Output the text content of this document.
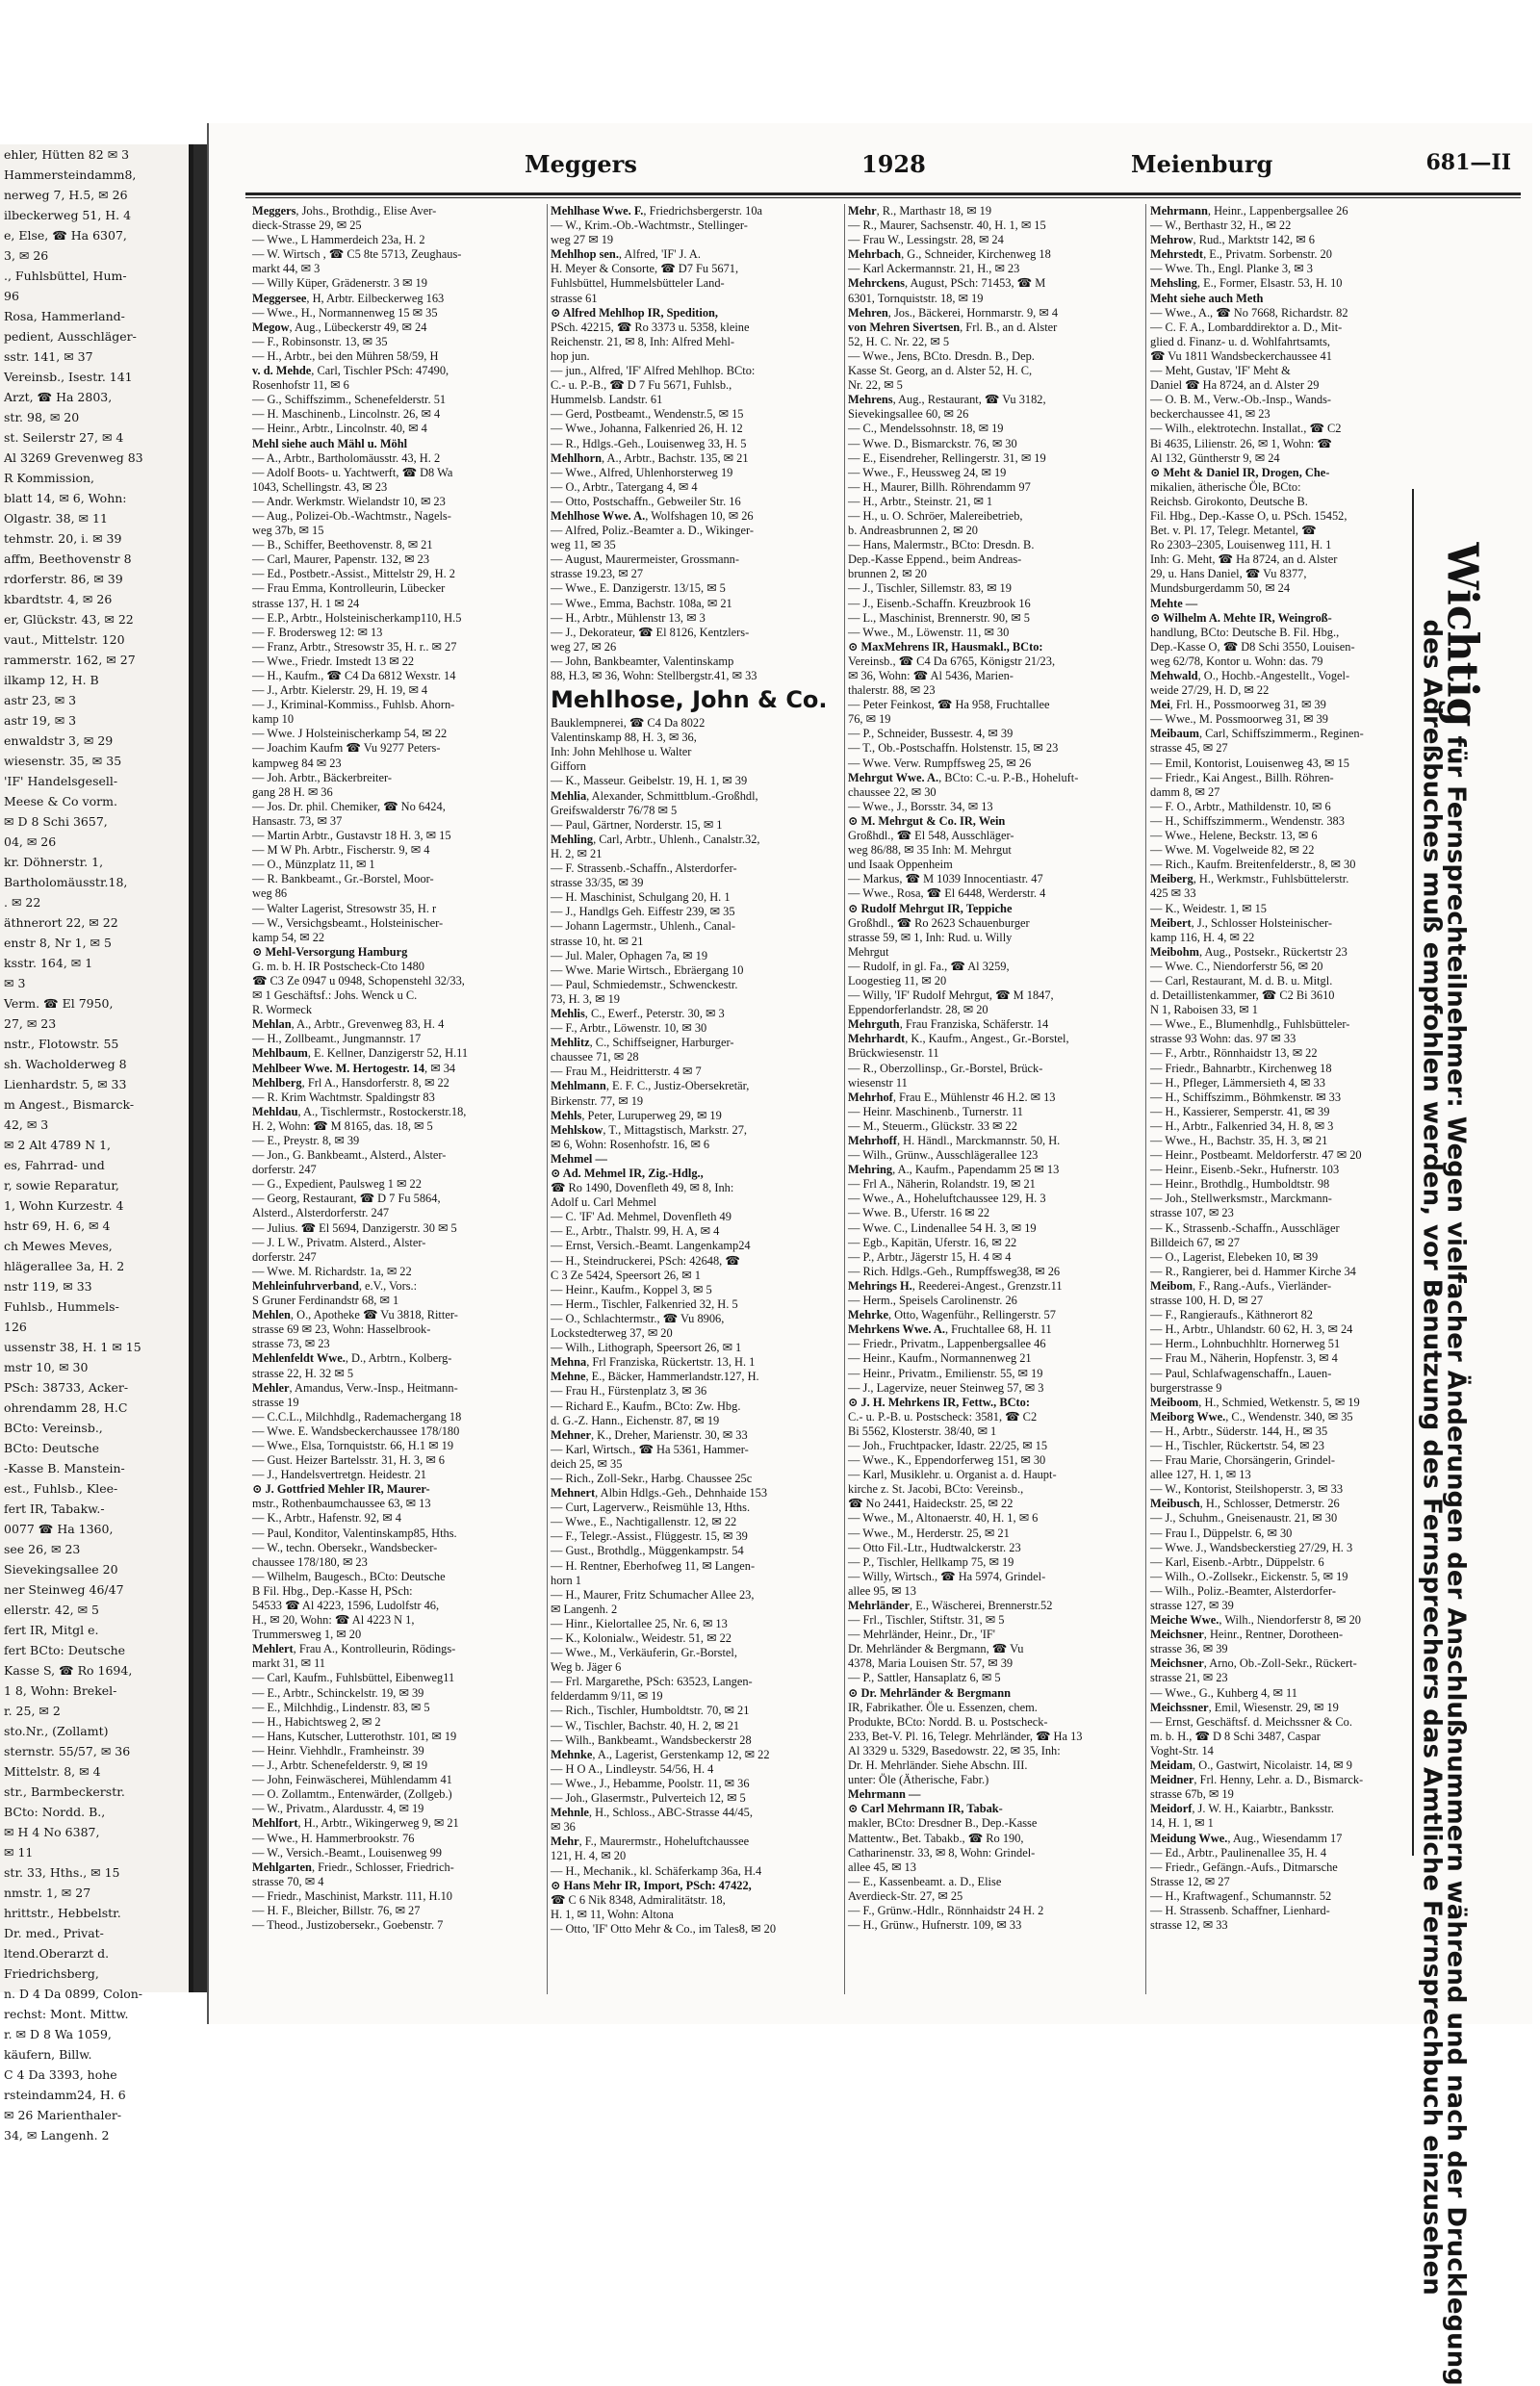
ehler, Hütten 82 ✉ 3
Hammersteindamm8,
nerweg 7, H.5, ✉ 26
ilbeckerweg 51, H. 4
e, Else, ☎ Ha 6307,
3, ✉ 26
., Fuhlsbüttel, Hum-
96
Rosa, Hammerland-
pedient, Ausschläger-
sstr. 141, ✉ 37
Vereinsb., Isestr. 141
Arzt, ☎ Ha 2803,
str. 98, ✉ 20
st. Seilerstr 27, ✉ 4
Al 3269 Grevenweg 83
R Kommission,
blatt 14, ✉ 6, Wohn:
Olgastr. 38, ✉ 11
tehmstr. 20, i. ✉ 39
affm, Beethovenstr 8
rdorferstr. 86, ✉ 39
kbardtstr. 4, ✉ 26
er, Glückstr. 43, ✉ 22
vaut., Mittelstr. 120
rammerstr. 162, ✉ 27
ilkamp 12, H. B
astr 23, ✉ 3
astr 19, ✉ 3
enwaldstr 3, ✉ 29
wiesenstr. 35, ✉ 35
'IF' Handelsgesell-
Meese & Co vorm.
✉ D 8 Schi 3657,
04, ✉ 26
kr. Döhnerstr. 1,
Bartholomäusstr.18,
. ✉ 22
äthnerort 22, ✉ 22
enstr 8, Nr 1, ✉ 5
ksstr. 164, ✉ 1
✉ 3
Verm. ☎ El 7950,
27, ✉ 23
nstr., Flotowstr. 55
sh. Wacholderweg 8
Lienhardstr. 5, ✉ 33
m Angest., Bismarck-
42, ✉ 3
✉ 2 Alt 4789 N 1,
es, Fahrrad- und
r, sowie Reparatur,
1, Wohn Kurzestr. 4
hstr 69, H. 6, ✉ 4
ch Mewes Meves,
hlägerallee 3a, H. 2
nstr 119, ✉ 33
Fuhlsb., Hummels-
126
ussenstr 38, H. 1 ✉ 15
mstr 10, ✉ 30
PSch: 38733, Acker-
ohrendamm 28, H.C
BCto: Vereinsb.,
BCto: Deutsche
-Kasse B. Manstein-
est., Fuhlsb., Klee-
fert IR, Tabakw.-
0077 ☎ Ha 1360,
see 26, ✉ 23
Sievekingsallee 20
ner Steinweg 46/47
ellerstr. 42, ✉ 5
fert IR, Mitgl e.
fert BCto: Deutsche
Kasse S, ☎ Ro 1694,
1 8, Wohn: Brekel-
r. 25, ✉ 2
sto.Nr., (Zollamt)
sternstr. 55/57, ✉ 36
Mittelstr. 8, ✉ 4
str., Barmbeckerstr.
BCto: Nordd. B.,
✉ H 4 No 6387,
✉ 11
str. 33, Hths., ✉ 15
nmstr. 1, ✉ 27
hrittstr., Hebbelstr.
Dr. med., Privat-
ltend.Oberarzt d.
Friedrichsberg,
n. D 4 Da 0899, Colon-
rechst: Mont. Mittw.
r. ✉ D 8 Wa 1059,
käufern, Billw.
C 4 Da 3393, hohe
rsteindamm24, H. 6
✉ 26 Marienthaler-
34, ✉ Langenh. 2
Meggers	1928	Meienburg	681—II
Meggers, Johs., Brothdig., Elise Aver-
dieck-Strasse 29, ✉ 25
— Wwe., L Hammerdeich 23a, H. 2
— W. Wirtsch , ☎ C5 8te 5713, Zeughaus-
markt 44, ✉ 3
— Willy Küper, Grädenerstr. 3 ✉ 19
Meggersee, H, Arbtr. Eilbeckerweg 163
— Wwe., H., Normannenweg 15 ✉ 35
Megow, Aug., Lübeckerstr 49, ✉ 24
— F., Robinsonstr. 13, ✉ 35
— H., Arbtr., bei den Mühren 58/59, H
v. d. Mehde, Carl, Tischler PSch: 47490,
Rosenhofstr 11, ✉ 6
— G., Schiffszimm., Schenefelderstr. 51
— H. Maschinenb., Lincolnstr. 26, ✉ 4
— Heinr., Arbtr., Lincolnstr. 40, ✉ 4
Mehl siehe auch Mähl u. Möhl
— A., Arbtr., Bartholomäusstr. 43, H. 2
— Adolf Boots- u. Yachtwerft, ☎ D8 Wa
1043, Schellingstr. 43, ✉ 23
— Andr. Werkmstr. Wielandstr 10, ✉ 23
— Aug., Polizei-Ob.-Wachtmstr., Nagels-
weg 37b, ✉ 15
— B., Schiffer, Beethovenstr. 8, ✉ 21
— Carl, Maurer, Papenstr. 132, ✉ 23
— Ed., Postbetr.-Assist., Mittelstr 29, H. 2
— Frau Emma, Kontrolleurin, Lübecker
strasse 137, H. 1 ✉ 24
— E.P., Arbtr., Holsteinischerkamp110, H.5
— F. Brodersweg 12: ✉ 13
— Franz, Arbtr., Stresowstr 35, H. r.. ✉ 27
— Wwe., Friedr. Imstedt 13 ✉ 22
— H., Kaufm., ☎ C4 Da 6812 Wexstr. 14
— J., Arbtr. Kielerstr. 29, H. 19, ✉ 4
— J., Kriminal-Kommiss., Fuhlsb. Ahorn-
kamp 10
— Wwe. J Holsteinischerkamp 54, ✉ 22
— Joachim Kaufm ☎ Vu 9277 Peters-
kampweg 84 ✉ 23
— Joh. Arbtr., Bäckerbreiter-
gang 28 H. ✉ 36
— Jos. Dr. phil. Chemiker, ☎ No 6424,
Hansastr. 73, ✉ 37
— Martin Arbtr., Gustavstr 18 H. 3, ✉ 15
— M W Ph. Arbtr., Fischerstr. 9, ✉ 4
— O., Münzplatz 11, ✉ 1
— R. Bankbeamt., Gr.-Borstel, Moor-
weg 86
— Walter Lagerist, Stresowstr 35, H. r
— W., Versichgsbeamt., Holsteinischer-
kamp 54, ✉ 22
⊙ Mehl-Versorgung Hamburg
G. m. b. H. IR Postscheck-Cto 1480
☎ C3 Ze 0947 u 0948, Schopenstehl 32/33,
✉ 1 Geschäftsf.: Johs. Wenck u C.
R. Wormeck
Mehlan, A., Arbtr., Grevenweg 83, H. 4
— H., Zollbeamt., Jungmannstr. 17
Mehlbaum, E. Kellner, Danzigerstr 52, H.11
Mehlbeer Wwe. M. Hertogestr. 14, ✉ 34
Mehlberg, Frl A., Hansdorferstr. 8, ✉ 22
— R. Krim Wachtmstr. Spaldingstr 83
Mehldau, A., Tischlermstr., Rostockerstr.18,
H. 2, Wohn: ☎ M 8165, das. 18, ✉ 5
— E., Preystr. 8, ✉ 39
— Jon., G. Bankbeamt., Alsterd., Alster-
dorferstr. 247
— G., Expedient, Paulsweg 1 ✉ 22
— Georg, Restaurant, ☎ D 7 Fu 5864,
Alsterd., Alsterdorferstr. 247
— Julius. ☎ El 5694, Danzigerstr. 30 ✉ 5
— J. L W., Privatm. Alsterd., Alster-
dorferstr. 247
— Wwe. M. Richardstr. 1a, ✉ 22
Mehleinfuhrverband, e.V., Vors.:
S Gruner Ferdinandstr 68, ✉ 1
Mehlen, O., Apotheke ☎ Vu 3818, Ritter-
strasse 69 ✉ 23, Wohn: Hasselbrook-
strasse 73, ✉ 23
Mehlenfeldt Wwe., D., Arbtrn., Kolberg-
strasse 22, H. 32 ✉ 5
Mehler, Amandus, Verw.-Insp., Heitmann-
strasse 19
— C.C.L., Milchhdlg., Rademachergang 18
— Wwe. E. Wandsbeckerchaussee 178/180
— Wwe., Elsa, Tornquiststr. 66, H.1 ✉ 19
— Gust. Heizer Bartelsstr. 31, H. 3, ✉ 6
— J., Handelsvertretgn. Heidestr. 21
⊙ J. Gottfried Mehler IR, Maurer-
mstr., Rothenbaumchaussee 63, ✉ 13
— K., Arbtr., Hafenstr. 92, ✉ 4
— Paul, Konditor, Valentinskamp85, Hths.
— W., techn. Obersekr., Wandsbecker-
chaussee 178/180, ✉ 23
— Wilhelm, Baugesch., BCto: Deutsche
B Fil. Hbg., Dep.-Kasse H, PSch:
54533 ☎ Al 4223, 1596, Ludolfstr 46,
H., ✉ 20, Wohn: ☎ Al 4223 N 1,
Trummersweg 1, ✉ 20
Mehlert, Frau A., Kontrolleurin, Rödings-
markt 31, ✉ 11
— Carl, Kaufm., Fuhlsbüttel, Eibenweg11
— E., Arbtr., Schinckelstr. 19, ✉ 39
— E., Milchhdig., Lindenstr. 83, ✉ 5
— H., Habichtsweg 2, ✉ 2
— Hans, Kutscher, Lutterothstr. 101, ✉ 19
— Heinr. Viehhdlr., Framheinstr. 39
— J., Arbtr. Schenefelderstr. 9, ✉ 19
— John, Feinwäscherei, Mühlendamm 41
— O. Zollamtm., Entenwärder, (Zollgeb.)
— W., Privatm., Alardusstr. 4, ✉ 19
Mehlfort, H., Arbtr., Wikingerweg 9, ✉ 21
— Wwe., H. Hammerbrookstr. 76
— W., Versich.-Beamt., Louisenweg 99
Mehlgarten, Friedr., Schlosser, Friedrich-
strasse 70, ✉ 4
— Friedr., Maschinist, Markstr. 111, H.10
— H. F., Bleicher, Billstr. 76, ✉ 27
— Theod., Justizobersekr., Goebenstr. 7
Mehlhase Wwe. F., Friedrichsbergerstr. 10a
— W., Krim.-Ob.-Wachtmstr., Stellinger-
weg 27 ✉ 19
Mehlhop sen., Alfred, 'IF' J. A.
H. Meyer & Consorte, ☎ D7 Fu 5671,
Fuhlsbüttel, Hummelsbütteler Land-
strasse 61
⊙ Alfred Mehlhop IR, Spedition,
PSch. 42215, ☎ Ro 3373 u. 5358, kleine
Reichenstr. 21, ✉ 8, Inh: Alfred Mehl-
hop jun.
— jun., Alfred, 'IF' Alfred Mehlhop. BCto:
C.- u. P.-B., ☎ D 7 Fu 5671, Fuhlsb.,
Hummelsb. Landstr. 61
— Gerd, Postbeamt., Wendenstr.5, ✉ 15
— Wwe., Johanna, Falkenried 26, H. 12
— R., Hdlgs.-Geh., Louisenweg 33, H. 5
Mehlhorn, A., Arbtr., Bachstr. 135, ✉ 21
— Wwe., Alfred, Uhlenhorsterweg 19
— O., Arbtr., Tatergang 4, ✉ 4
— Otto, Postschaffn., Gebweiler Str. 16
Mehlhose Wwe. A., Wolfshagen 10, ✉ 26
— Alfred, Poliz.-Beamter a. D., Wikinger-
weg 11, ✉ 35
— August, Maurermeister, Grossmann-
strasse 19.23, ✉ 27
— Wwe., E. Danzigerstr. 13/15, ✉ 5
— Wwe., Emma, Bachstr. 108a, ✉ 21
— H., Arbtr., Mühlenstr 13, ✉ 3
— J., Dekorateur, ☎ El 8126, Kentzlers-
weg 27, ✉ 26
— John, Bankbeamter, Valentinskamp
88, H.3, ✉ 36, Wohn: Stellbergstr.41, ✉ 33
Mehlhose, John & Co.
Bauklempnerei, ☎ C4 Da 8022
Valentinskamp 88, H. 3, ✉ 36,
Inh: John Mehlhose u. Walter
Gifforn
— K., Masseur. Geibelstr. 19, H. 1, ✉ 39
Mehlia, Alexander, Schmittblum.-Großhdl,
Greifswalderstr 76/78 ✉ 5
— Paul, Gärtner, Norderstr. 15, ✉ 1
Mehling, Carl, Arbtr., Uhlenh., Canalstr.32,
H. 2, ✉ 21
— F. Strassenb.-Schaffn., Alsterdorfer-
strasse 33/35, ✉ 39
— H. Maschinist, Schulgang 20, H. 1
— J., Handlgs Geh. Eiffestr 239, ✉ 35
— Johann Lagermstr., Uhlenh., Canal-
strasse 10, ht. ✉ 21
— Jul. Maler, Ophagen 7a, ✉ 19
— Wwe. Marie Wirtsch., Ebräergang 10
— Paul, Schmiedemstr., Schwenckestr.
73, H. 3, ✉ 19
Mehlis, C., Ewerf., Peterstr. 30, ✉ 3
— F., Arbtr., Löwenstr. 10, ✉ 30
Mehlitz, C., Schiffseigner, Harburger-
chaussee 71, ✉ 28
— Frau M., Heidritterstr. 4 ✉ 7
Mehlmann, E. F. C., Justiz-Obersekretär,
Birkenstr. 77, ✉ 19
Mehls, Peter, Luruperweg 29, ✉ 19
Mehlskow, T., Mittagstisch, Markstr. 27,
✉ 6, Wohn: Rosenhofstr. 16, ✉ 6
Mehmel —
⊙ Ad. Mehmel IR, Zig.-Hdlg.,
☎ Ro 1490, Dovenfleth 49, ✉ 8, Inh:
Adolf u. Carl Mehmel
— C. 'IF' Ad. Mehmel, Dovenfleth 49
— E., Arbtr., Thalstr. 99, H. A, ✉ 4
— Ernst, Versich.-Beamt. Langenkamp24
— H., Steindruckerei, PSch: 42648, ☎
C 3 Ze 5424, Speersort 26, ✉ 1
— Heinr., Kaufm., Koppel 3, ✉ 5
— Herm., Tischler, Falkenried 32, H. 5
— O., Schlachtermstr., ☎ Vu 8906,
Lockstedterweg 37, ✉ 20
— Wilh., Lithograph, Speersort 26, ✉ 1
Mehna, Frl Franziska, Rückertstr. 13, H. 1
Mehne, E., Bäcker, Hammerlandstr.127, H.
— Frau H., Fürstenplatz 3, ✉ 36
— Richard E., Kaufm., BCto: Zw. Hbg.
d. G.-Z. Hann., Eichenstr. 87, ✉ 19
Mehner, K., Dreher, Marienstr. 30, ✉ 33
— Karl, Wirtsch., ☎ Ha 5361, Hammer-
deich 25, ✉ 35
— Rich., Zoll-Sekr., Harbg. Chaussee 25c
Mehnert, Albin Hdlgs.-Geh., Dehnhaide 153
— Curt, Lagerverw., Reismühle 13, Hths.
— Wwe., E., Nachtigallenstr. 12, ✉ 22
— F., Telegr.-Assist., Flüggestr. 15, ✉ 39
— Gust., Brothdlg., Müggenkampstr. 54
— H. Rentner, Eberhofweg 11, ✉ Langen-
horn 1
— H., Maurer, Fritz Schumacher Allee 23,
✉ Langenh. 2
— Hinr., Kielortallee 25, Nr. 6, ✉ 13
— K., Kolonialw., Weidestr. 51, ✉ 22
— Wwe., M., Verkäuferin, Gr.-Borstel,
Weg b. Jäger 6
— Frl. Margarethe, PSch: 63523, Langen-
felderdamm 9/11, ✉ 19
— Rich., Tischler, Humboldtstr. 70, ✉ 21
— W., Tischler, Bachstr. 40, H. 2, ✉ 21
— Wilh., Bankbeamt., Wandsbeckerstr 28
Mehnke, A., Lagerist, Gerstenkamp 12, ✉ 22
— H O A., Lindleystr. 54/56, H. 4
— Wwe., J., Hebamme, Poolstr. 11, ✉ 36
— Joh., Glasermstr., Pulverteich 12, ✉ 5
Mehnle, H., Schloss., ABC-Strasse 44/45,
✉ 36
Mehr, F., Maurermstr., Hoheluftchaussee
121, H. 4, ✉ 20
— H., Mechanik., kl. Schäferkamp 36a, H.4
⊙ Hans Mehr IR, Import, PSch: 47422,
☎ C 6 Nik 8348, Admiralitätstr. 18,
H. 1, ✉ 11, Wohn: Altona
— Otto, 'IF' Otto Mehr & Co., im Tales8, ✉ 20
Mehr, R., Marthastr 18, ✉ 19
— R., Maurer, Sachsenstr. 40, H. 1, ✉ 15
— Frau W., Lessingstr. 28, ✉ 24
Mehrbach, G., Schneider, Kirchenweg 18
— Karl Ackermannstr. 21, H., ✉ 23
Mehrckens, August, PSch: 71453, ☎ M
6301, Tornquiststr. 18, ✉ 19
Mehren, Jos., Bäckerei, Hornmarstr. 9, ✉ 4
von Mehren Sivertsen, Frl. B., an d. Alster
52, H. C. Nr. 22, ✉ 5
— Wwe., Jens, BCto. Dresdn. B., Dep.
Kasse St. Georg, an d. Alster 52, H. C,
Nr. 22, ✉ 5
Mehrens, Aug., Restaurant, ☎ Vu 3182,
Sievekingsallee 60, ✉ 26
— C., Mendelssohnstr. 18, ✉ 19
— Wwe. D., Bismarckstr. 76, ✉ 30
— E., Eisendreher, Rellingerstr. 31, ✉ 19
— Wwe., F., Heussweg 24, ✉ 19
— H., Maurer, Billh. Röhrendamm 97
— H., Arbtr., Steinstr. 21, ✉ 1
— H., u. O. Schröer, Malereibetrieb,
b. Andreasbrunnen 2, ✉ 20
— Hans, Malermstr., BCto: Dresdn. B.
Dep.-Kasse Eppend., beim Andreas-
brunnen 2, ✉ 20
— J., Tischler, Sillemstr. 83, ✉ 19
— J., Eisenb.-Schaffn. Kreuzbrook 16
— L., Maschinist, Brennerstr. 90, ✉ 5
— Wwe., M., Löwenstr. 11, ✉ 30
⊙ MaxMehrens IR, Hausmakl., BCto:
Vereinsb., ☎ C4 Da 6765, Königstr 21/23,
✉ 36, Wohn: ☎ Al 5436, Marien-
thalerstr. 88, ✉ 23
— Peter Feinkost, ☎ Ha 958, Fruchtallee
76, ✉ 19
— P., Schneider, Bussestr. 4, ✉ 39
— T., Ob.-Postschaffn. Holstenstr. 15, ✉ 23
— Wwe. Verw. Rumpffsweg 25, ✉ 26
Mehrgut Wwe. A., BCto: C.-u. P.-B., Hoheluft-
chaussee 22, ✉ 30
— Wwe., J., Borsstr. 34, ✉ 13
⊙ M. Mehrgut & Co. IR, Wein
Großhdl., ☎ El 548, Ausschläger-
weg 86/88, ✉ 35 Inh: M. Mehrgut
und Isaak Oppenheim
— Markus, ☎ M 1039 Innocentiastr. 47
— Wwe., Rosa, ☎ El 6448, Werderstr. 4
⊙ Rudolf Mehrgut IR, Teppiche
Großhdl., ☎ Ro 2623 Schauenburger
strasse 59, ✉ 1, Inh: Rud. u. Willy
Mehrgut
— Rudolf, in gl. Fa., ☎ Al 3259,
Loogestieg 11, ✉ 20
— Willy, 'IF' Rudolf Mehrgut, ☎ M 1847,
Eppendorferlandstr. 28, ✉ 20
Mehrguth, Frau Franziska, Schäferstr. 14
Mehrhardt, K., Kaufm., Angest., Gr.-Borstel,
Brückwiesenstr. 11
— R., Oberzollinsp., Gr.-Borstel, Brück-
wiesenstr 11
Mehrhof, Frau E., Mühlenstr 46 H.2. ✉ 13
— Heinr. Maschinenb., Turnerstr. 11
— M., Steuerm., Glückstr. 33 ✉ 22
Mehrhoff, H. Händl., Marckmannstr. 50, H.
— Wilh., Grünw., Ausschlägerallee 123
Mehring, A., Kaufm., Papendamm 25 ✉ 13
— Frl A., Näherin, Rolandstr. 19, ✉ 21
— Wwe., A., Hoheluftchaussee 129, H. 3
— Wwe. B., Uferstr. 16 ✉ 22
— Wwe. C., Lindenallee 54 H. 3, ✉ 19
— Egb., Kapitän, Uferstr. 16, ✉ 22
— P., Arbtr., Jägerstr 15, H. 4 ✉ 4
— Rich. Hdlgs.-Geh., Rumpffsweg38, ✉ 26
Mehrings H., Reederei-Angest., Grenzstr.11
— Herm., Speisels Carolinenstr. 26
Mehrke, Otto, Wagenführ., Rellingerstr. 57
Mehrkens Wwe. A., Fruchtallee 68, H. 11
— Friedr., Privatm., Lappenbergsallee 46
— Heinr., Kaufm., Normannenweg 21
— Heinr., Privatm., Emilienstr. 55, ✉ 19
— J., Lagervize, neuer Steinweg 57, ✉ 3
⊙ J. H. Mehrkens IR, Fettw., BCto:
C.- u. P.-B. u. Postscheck: 3581, ☎ C2
Bi 5562, Klosterstr. 38/40, ✉ 1
— Joh., Fruchtpacker, Idastr. 22/25, ✉ 15
— Wwe., K., Eppendorferweg 151, ✉ 30
— Karl, Musiklehr. u. Organist a. d. Haupt-
kirche z. St. Jacobi, BCto: Vereinsb.,
☎ No 2441, Haideckstr. 25, ✉ 22
— Wwe., M., Altonaerstr. 40, H. 1, ✉ 6
— Wwe., M., Herderstr. 25, ✉ 21
— Otto Fil.-Ltr., Hudtwalckerstr. 23
— P., Tischler, Hellkamp 75, ✉ 19
— Willy, Wirtsch., ☎ Ha 5974, Grindel-
allee 95, ✉ 13
Mehrländer, E., Wäscherei, Brennerstr.52
— Frl., Tischler, Stiftstr. 31, ✉ 5
— Mehrländer, Heinr., Dr., 'IF'
Dr. Mehrländer & Bergmann, ☎ Vu
4378, Maria Louisen Str. 57, ✉ 39
— P., Sattler, Hansaplatz 6, ✉ 5
⊙ Dr. Mehrländer & Bergmann
IR, Fabrikather. Öle u. Essenzen, chem.
Produkte, BCto: Nordd. B. u. Postscheck-
233, Bet-V. Pl. 16, Telegr. Mehrländer, ☎ Ha 13
Al 3329 u. 5329, Basedowstr. 22, ✉ 35, Inh:
Dr. H. Mehrländer. Siehe Abschn. III.
unter: Öle (Ätherische, Fabr.)
Mehrmann —
⊙ Carl Mehrmann IR, Tabak-
makler, BCto: Dresdner B., Dep.-Kasse
Mattentw., Bet. Tabakb., ☎ Ro 190,
Catharinenstr. 33, ✉ 8, Wohn: Grindel-
allee 45, ✉ 13
— E., Kassenbeamt. a. D., Elise
Averdieck-Str. 27, ✉ 25
— F., Grünw.-Hdlr., Rönnhaidstr 24 H. 2
— H., Grünw., Hufnerstr. 109, ✉ 33
Mehrmann, Heinr., Lappenbergsallee 26
— W., Berthastr 32, H., ✉ 22
Mehrow, Rud., Marktstr 142, ✉ 6
Mehrstedt, E., Privatm. Sorbenstr. 20
— Wwe. Th., Engl. Planke 3, ✉ 3
Mehsling, E., Former, Elsastr. 53, H. 10
Meht siehe auch Meth
— Wwe., A., ☎ No 7668, Richardstr. 82
— C. F. A., Lombarddirektor a. D., Mit-
glied d. Finanz- u. d. Wohlfahrtsamts,
☎ Vu 1811 Wandsbeckerchaussee 41
— Meht, Gustav, 'IF' Meht &
Daniel ☎ Ha 8724, an d. Alster 29
— O. B. M., Verw.-Ob.-Insp., Wands-
beckerchaussee 41, ✉ 23
— Wilh., elektrotechn. Installat., ☎ C2
Bi 4635, Lilienstr. 26, ✉ 1, Wohn: ☎
Al 132, Güntherstr 9, ✉ 24
⊙ Meht & Daniel IR, Drogen, Che-
mikalien, ätherische Öle, BCto:
Reichsb. Girokonto, Deutsche B.
Fil. Hbg., Dep.-Kasse O, u. PSch. 15452,
Bet. v. Pl. 17, Telegr. Metantel, ☎
Ro 2303–2305, Louisenweg 111, H. 1
Inh: G. Meht, ☎ Ha 8724, an d. Alster
29, u. Hans Daniel, ☎ Vu 8377,
Mundsburgerdamm 50, ✉ 24
Mehte —
⊙ Wilhelm A. Mehte IR, Weingroß-
handlung, BCto: Deutsche B. Fil. Hbg.,
Dep.-Kasse O, ☎ D8 Schi 3550, Louisen-
weg 62/78, Kontor u. Wohn: das. 79
Mehwald, O., Hochb.-Angestellt., Vogel-
weide 27/29, H. D, ✉ 22
Mei, Frl. H., Possmoorweg 31, ✉ 39
— Wwe., M. Possmoorweg 31, ✉ 39
Meibaum, Carl, Schiffszimmerm., Reginen-
strasse 45, ✉ 27
— Emil, Kontorist, Louisenweg 43, ✉ 15
— Friedr., Kai Angest., Billh. Röhren-
damm 8, ✉ 27
— F. O., Arbtr., Mathildenstr. 10, ✉ 6
— H., Schiffszimmerm., Wendenstr. 383
— Wwe., Helene, Beckstr. 13, ✉ 6
— Wwe. M. Vogelweide 82, ✉ 22
— Rich., Kaufm. Breitenfelderstr., 8, ✉ 30
Meiberg, H., Werkmstr., Fuhlsbüttelerstr.
425 ✉ 33
— K., Weidestr. 1, ✉ 15
Meibert, J., Schlosser Holsteinischer-
kamp 116, H. 4, ✉ 22
Meibohm, Aug., Postsekr., Rückertstr 23
— Wwe. C., Niendorferstr 56, ✉ 20
— Carl, Restaurant, M. d. B. u. Mitgl.
d. Detaillistenkammer, ☎ C2 Bi 3610
N 1, Raboisen 33, ✉ 1
— Wwe., E., Blumenhdlg., Fuhlsbütteler-
strasse 93 Wohn: das. 97 ✉ 33
— F., Arbtr., Rönnhaidstr 13, ✉ 22
— Friedr., Bahnarbtr., Kirchenweg 18
— H., Pfleger, Lämmersieth 4, ✉ 33
— H., Schiffszimm., Böhmkenstr. ✉ 33
— H., Kassierer, Semperstr. 41, ✉ 39
— H., Arbtr., Falkenried 34, H. 8, ✉ 3
— Wwe., H., Bachstr. 35, H. 3, ✉ 21
— Heinr., Postbeamt. Meldorferstr. 47 ✉ 20
— Heinr., Eisenb.-Sekr., Hufnerstr. 103
— Heinr., Brothdlg., Humboldtstr. 98
— Joh., Stellwerksmstr., Marckmann-
strasse 107, ✉ 23
— K., Strassenb.-Schaffn., Ausschläger
Billdeich 67, ✉ 27
— O., Lagerist, Elebeken 10, ✉ 39
— R., Rangierer, bei d. Hammer Kirche 34
Meibom, F., Rang.-Aufs., Vierländer-
strasse 100, H. D, ✉ 27
— F., Rangieraufs., Käthnerort 82
— H., Arbtr., Uhlandstr. 60 62, H. 3, ✉ 24
— Herm., Lohnbuchhltr. Hornerweg 51
— Frau M., Näherin, Hopfenstr. 3, ✉ 4
— Paul, Schlafwagenschaffn., Lauen-
burgerstrasse 9
Meiboom, H., Schmied, Wetkenstr. 5, ✉ 19
Meiborg Wwe., C., Wendenstr. 340, ✉ 35
— H., Arbtr., Süderstr. 144, H., ✉ 35
— H., Tischler, Rückertstr. 54, ✉ 23
— Frau Marie, Chorsängerin, Grindel-
allee 127, H. 1, ✉ 13
— W., Kontorist, Steilshoperstr. 3, ✉ 33
Meibusch, H., Schlosser, Detmerstr. 26
— J., Schuhm., Gneisenaustr. 21, ✉ 30
— Frau I., Düppelstr. 6, ✉ 30
— Wwe. J., Wandsbeckerstieg 27/29, H. 3
— Karl, Eisenb.-Arbtr., Düppelstr. 6
— Wilh., O.-Zollsekr., Eickenstr. 5, ✉ 19
— Wilh., Poliz.-Beamter, Alsterdorfer-
strasse 127, ✉ 39
Meiche Wwe., Wilh., Niendorferstr 8, ✉ 20
Meichsner, Heinr., Rentner, Dorotheen-
strasse 36, ✉ 39
Meichsner, Arno, Ob.-Zoll-Sekr., Rückert-
strasse 21, ✉ 23
— Wwe., G., Kuhberg 4, ✉ 11
Meichssner, Emil, Wiesenstr. 29, ✉ 19
— Ernst, Geschäftsf. d. Meichssner & Co.
m. b. H., ☎ D 8 Schi 3487, Caspar
Voght-Str. 14
Meidam, O., Gastwirt, Nicolaistr. 14, ✉ 9
Meidner, Frl. Henny, Lehr. a. D., Bismarck-
strasse 67b, ✉ 19
Meidorf, J. W. H., Kaiarbtr., Banksstr.
14, H. 1, ✉ 1
Meidung Wwe., Aug., Wiesendamm 17
— Ed., Arbtr., Paulinenallee 35, H. 4
— Friedr., Gefängn.-Aufs., Ditmarsche
Strasse 12, ✉ 27
— H., Kraftwagenf., Schumannstr. 52
— H. Strassenb. Schaffner, Lienhard-
strasse 12, ✉ 33
Wichtig für Fernsprechteilnehmer: Wegen vielfacher Änderungen der Anschlußnummern während und nach der Drucklegung
des Adreßbuches muß empfohlen werden, vor Benutzung des Fernsprechers das Amtliche Fernsprechbuch einzusehen
